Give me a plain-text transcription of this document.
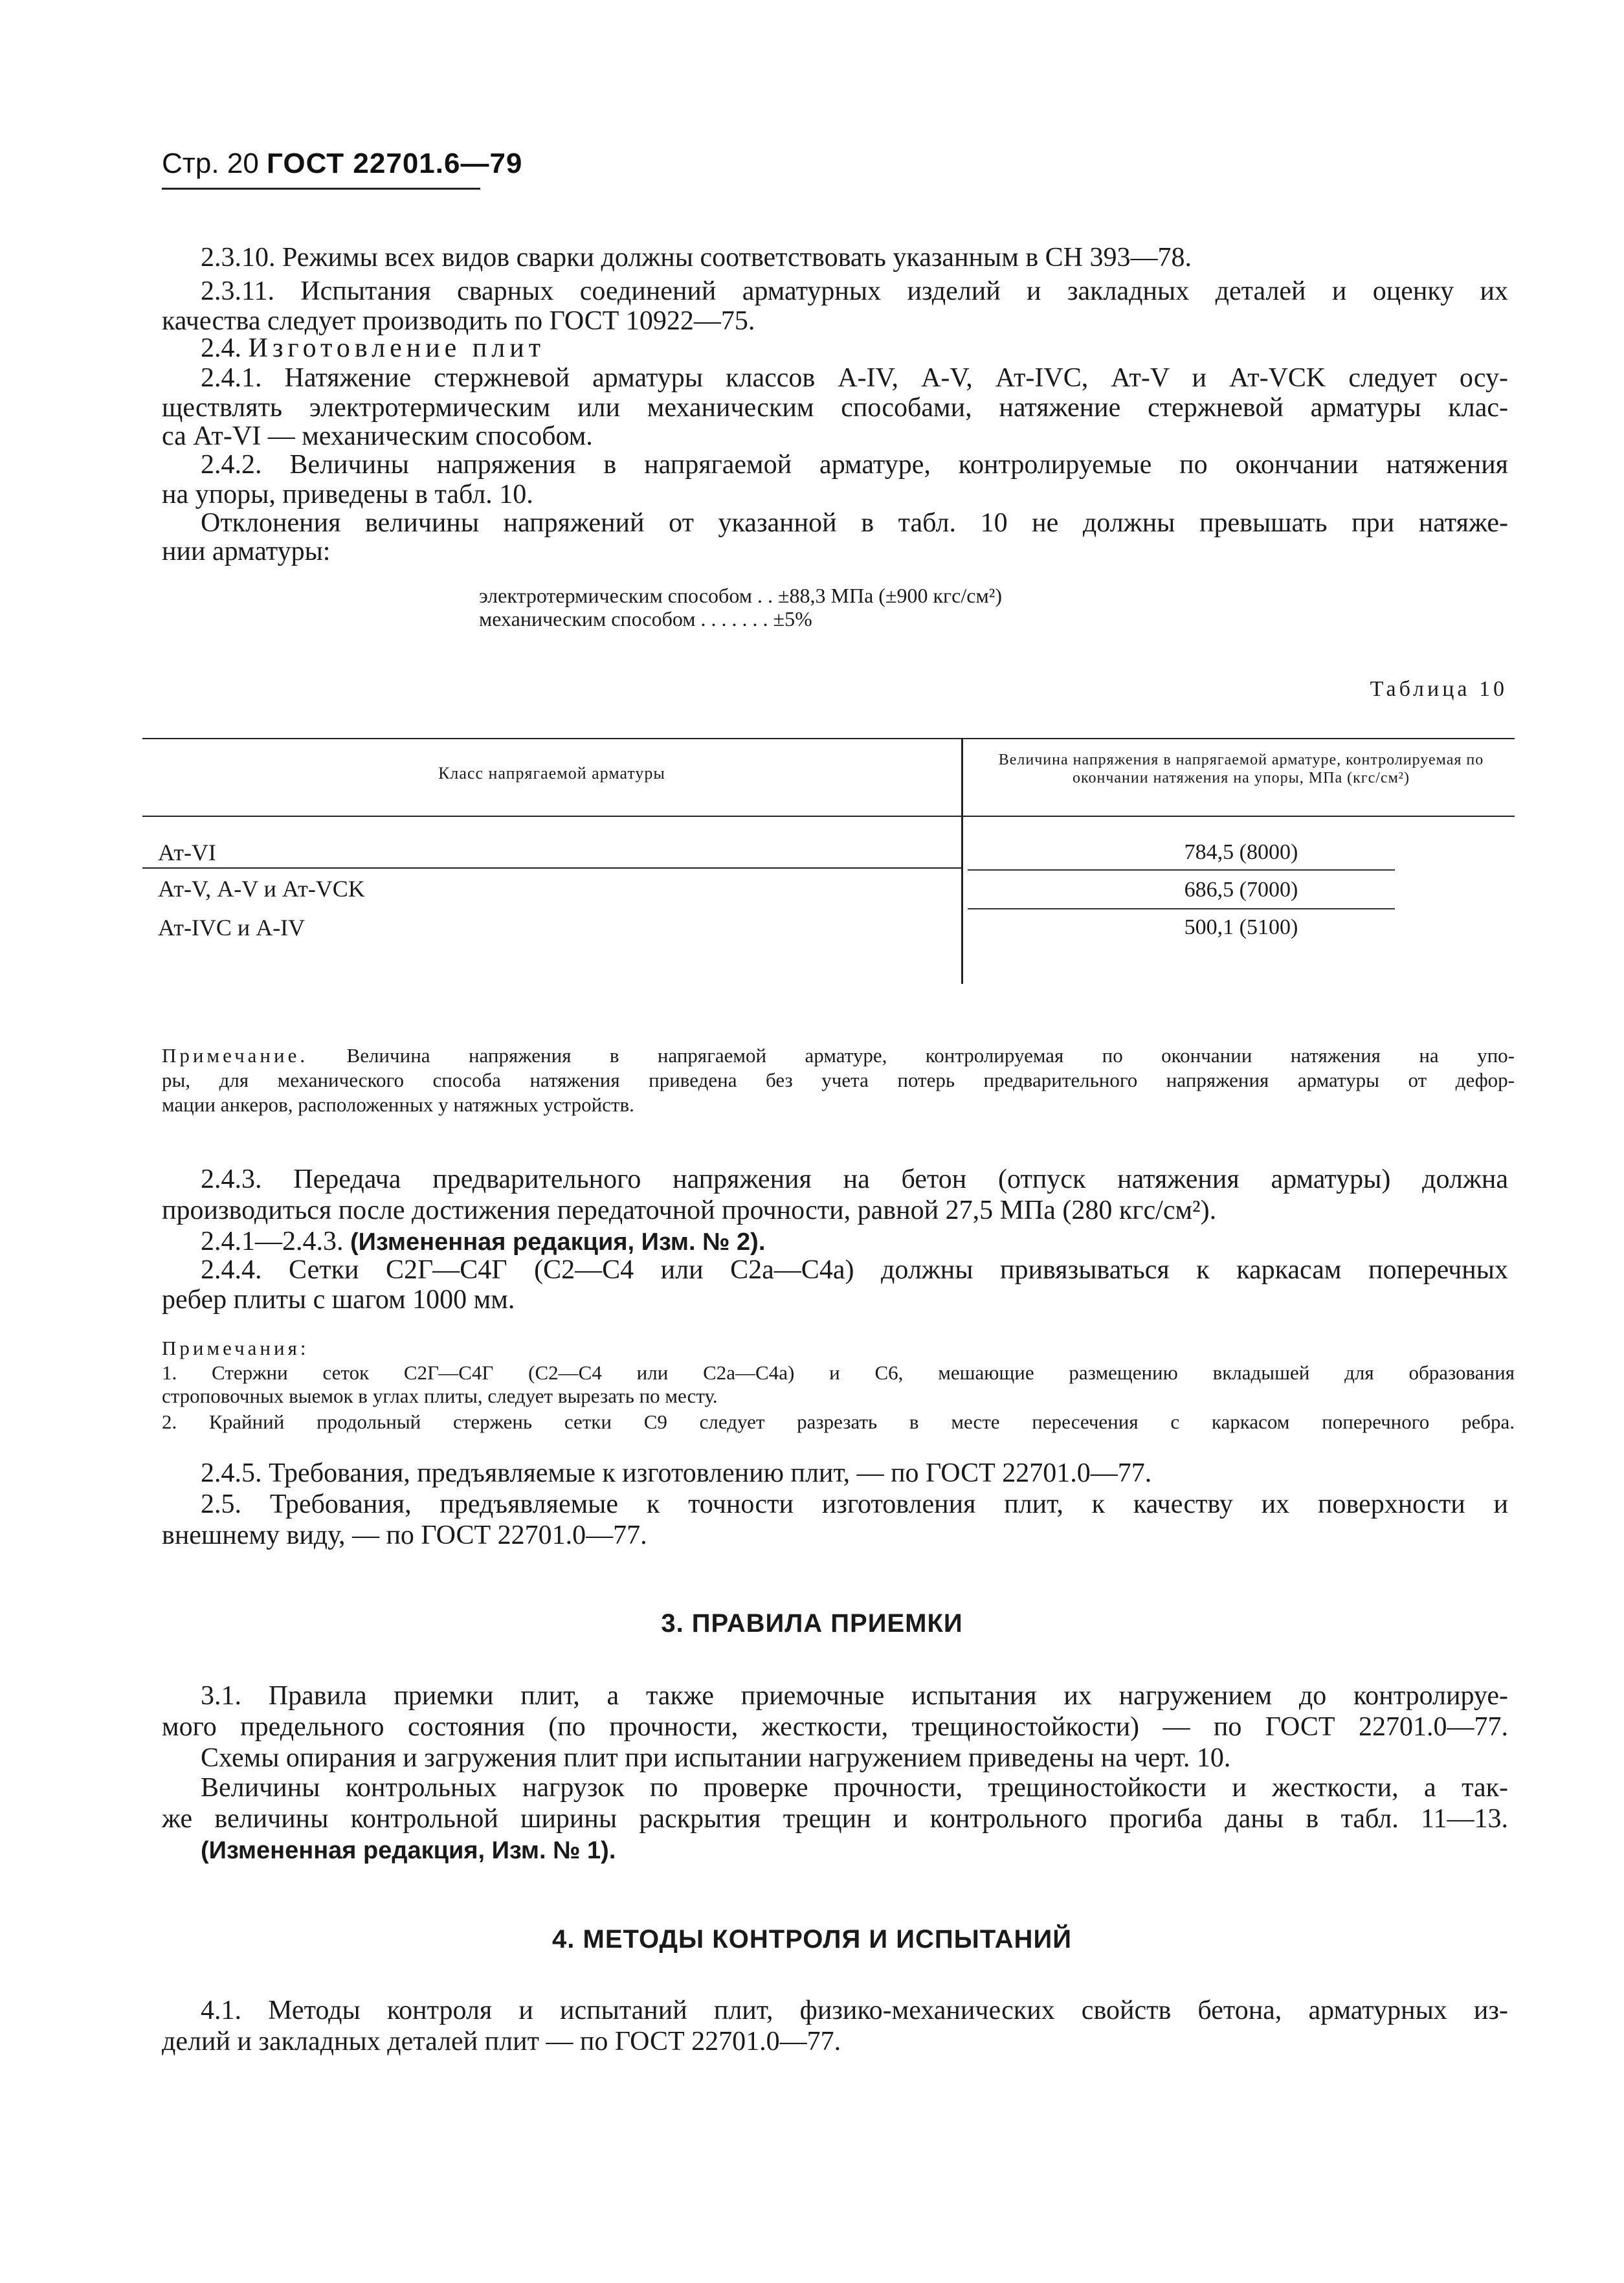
Стр. 20 ГОСТ 22701.6—79
2.3.10. Режимы всех видов сварки должны соответствовать указанным в СН 393—78.
2.3.11. Испытания сварных соединений арматурных изделий и закладных деталей и оценку их
качества следует производить по ГОСТ 10922—75.
2.4. Изготовление плит
2.4.1. Натяжение стержневой арматуры классов А-IV, А-V, Ат-IVC, Ат-V и Ат-VCK следует осу-
ществлять электротермическим или механическим способами, натяжение стержневой арматуры клас-
са Ат-VI — механическим способом.
2.4.2. Величины напряжения в напрягаемой арматуре, контролируемые по окончании натяжения
на упоры, приведены в табл. 10.
Отклонения величины напряжений от указанной в табл. 10 не должны превышать при натяже-
нии арматуры:
электротермическим способом . . ±88,3 МПа (±900 кгс/см²)
механическим способом . . . . . . . ±5%
Таблица 10
Класс напрягаемой арматуры
Величина напряжения в напрягаемой арматуре, контролируемая по
окончании натяжения на упоры, МПа (кгс/см²)
Ат-VI	784,5 (8000)
Ат-V, А-V и Ат-VCK	686,5 (7000)
Ат-IVC и А-IV	500,1 (5100)
Примечание. Величина напряжения в напрягаемой арматуре, контролируемая по окончании натяжения на упо-
ры, для механического способа натяжения приведена без учета потерь предварительного напряжения арматуры от дефор-
мации анкеров, расположенных у натяжных устройств.
2.4.3. Передача предварительного напряжения на бетон (отпуск натяжения арматуры) должна
производиться после достижения передаточной прочности, равной 27,5 МПа (280 кгс/см²).
2.4.1—2.4.3. (Измененная редакция, Изм. № 2).
2.4.4. Сетки С2Г—С4Г (С2—С4 или С2а—С4а) должны привязываться к каркасам поперечных
ребер плиты с шагом 1000 мм.
Примечания:
1. Стержни сеток С2Г—С4Г (С2—С4 или С2а—С4а) и С6, мешающие размещению вкладышей для образования
строповочных выемок в углах плиты, следует вырезать по месту.
2. Крайний продольный стержень сетки С9 следует разрезать в месте пересечения с каркасом поперечного ребра.
2.4.5. Требования, предъявляемые к изготовлению плит, — по ГОСТ 22701.0—77.
2.5. Требования, предъявляемые к точности изготовления плит, к качеству их поверхности и
внешнему виду, — по ГОСТ 22701.0—77.
3. ПРАВИЛА ПРИЕМКИ
3.1. Правила приемки плит, а также приемочные испытания их нагружением до контролируе-
мого предельного состояния (по прочности, жесткости, трещиностойкости) — по ГОСТ 22701.0—77.
Схемы опирания и загружения плит при испытании нагружением приведены на черт. 10.
Величины контрольных нагрузок по проверке прочности, трещиностойкости и жесткости, а так-
же величины контрольной ширины раскрытия трещин и контрольного прогиба даны в табл. 11—13.
(Измененная редакция, Изм. № 1).
4. МЕТОДЫ КОНТРОЛЯ И ИСПЫТАНИЙ
4.1. Методы контроля и испытаний плит, физико-механических свойств бетона, арматурных из-
делий и закладных деталей плит — по ГОСТ 22701.0—77.
